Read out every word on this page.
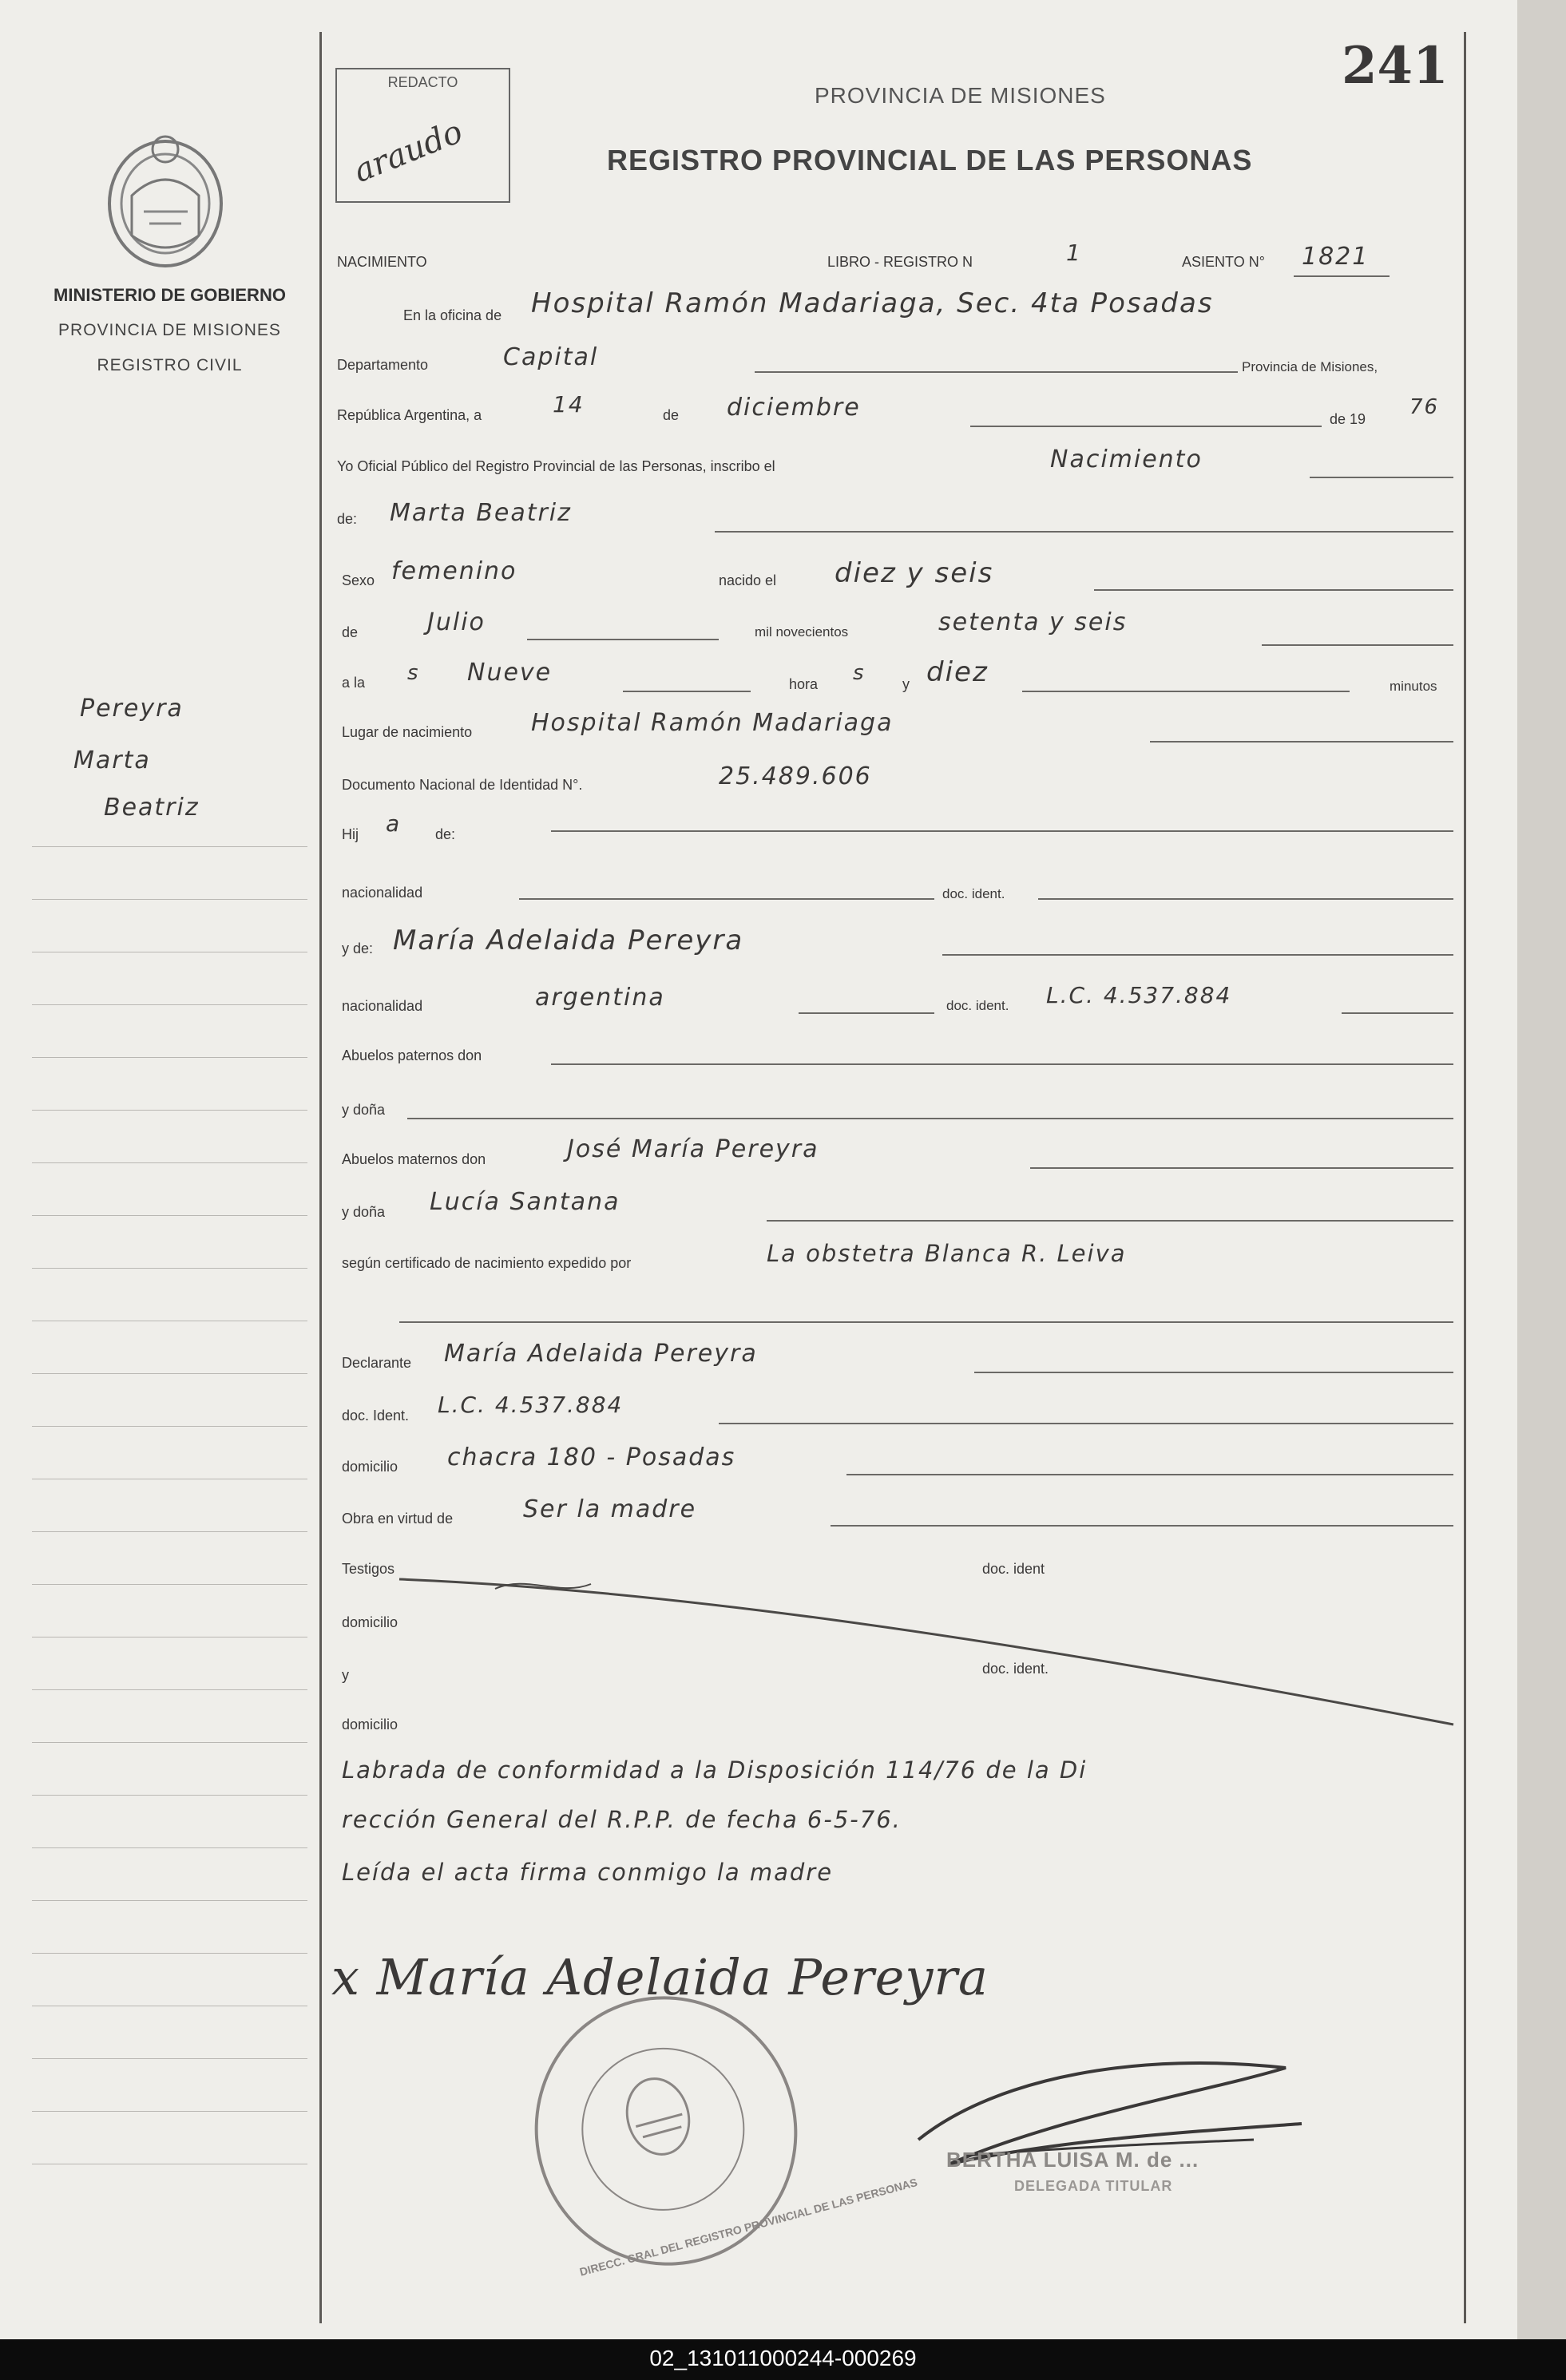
241
REDACTO
araudo
PROVINCIA DE MISIONES
REGISTRO PROVINCIAL DE LAS PERSONAS
MINISTERIO DE GOBIERNO
PROVINCIA DE MISIONES
REGISTRO CIVIL
Pereyra
Marta
Beatriz
NACIMIENTO	LIBRO - REGISTRO N	1	ASIENTO N° 1821
En la oficina de Hospital Ramón Madariaga, Sec. 4ta Posadas
Departamento	Capital	Provincia de Misiones,
República Argentina, a	14	de diciembre	de 19 76
Yo Oficial Público del Registro Provincial de las Personas, inscribo el	Nacimiento
de: Marta Beatriz
Sexo femenino	nacido el diez y seis
de	Julio	mil novecientos	setenta y seis
a la s Nueve	hora s	y diez	minutos
Lugar de nacimiento Hospital Ramón Madariaga
Documento Nacional de Identidad N°.	25.489.606
Hij a de:
nacionalidad	doc. ident.
y de: María Adelaida Pereyra
nacionalidad	argentina	doc. ident. L.C. 4.537.884
Abuelos paternos don
y doña
Abuelos maternos don	José María Pereyra
y doña Lucía Santana
según certificado de nacimiento expedido por	La obstetra Blanca R. Leiva
Declarante María Adelaida Pereyra
doc. Ident. L.C. 4.537.884
domicilio chacra 180 - Posadas
Obra en virtud de	Ser la madre
Testigos	doc. ident
domicilio
y	doc. ident.
domicilio
Labrada de conformidad a la Disposición 114/76 de la Di
rección General del R.P.P. de fecha 6-5-76.
Leída el acta firma conmigo la madre
x María Adelaida Pereyra
DIRECC. GRAL DEL REGISTRO PROVINCIAL DE LAS PERSONAS
BERTHA LUISA M. de ...
DELEGADA TITULAR
02_131011000244-000269
